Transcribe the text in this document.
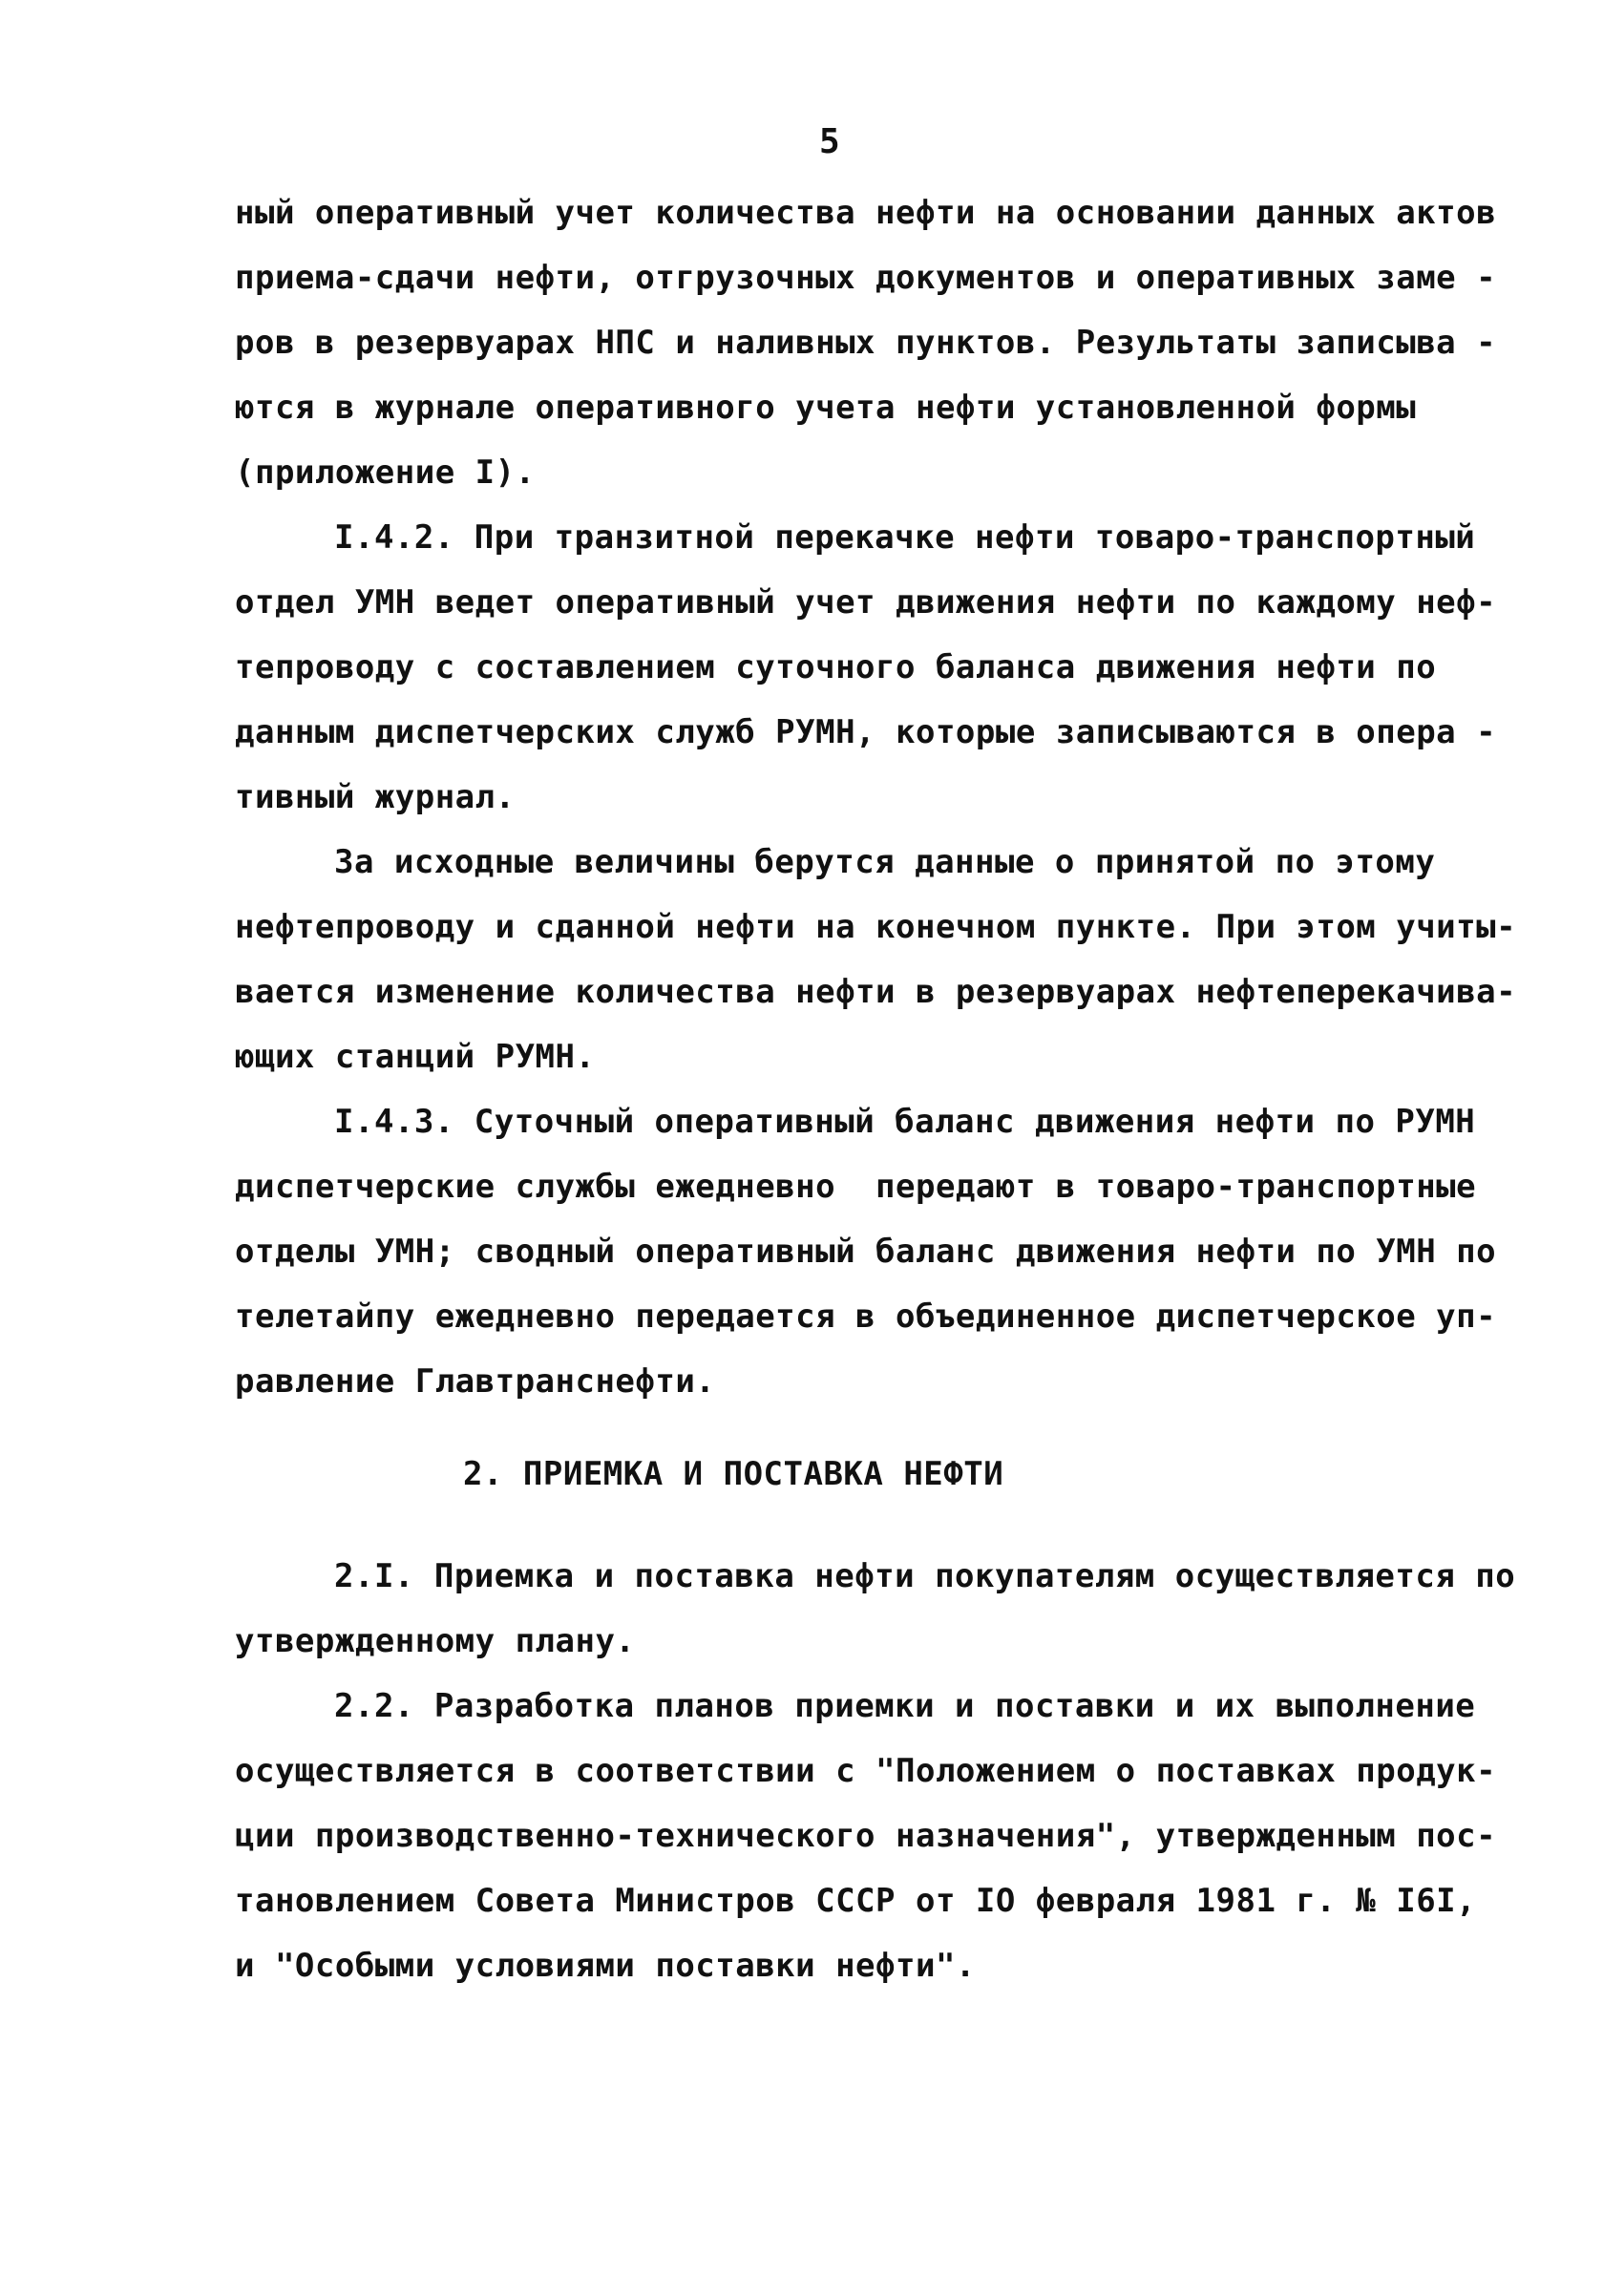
5
ный оперативный учет количества нефти на основании данных актов
приема-сдачи нефти, отгрузочных документов и оперативных заме -
ров в резервуарах НПС и наливных пунктов. Результаты записыва -
ются в журнале оперативного учета нефти установленной формы
(приложение I).
I.4.2. При транзитной перекачке нефти товаро-транспортный
отдел УМН ведет оперативный учет движения нефти по каждому неф-
тепроводу с составлением суточного баланса движения нефти по
данным диспетчерских служб РУМН, которые записываются в опера -
тивный журнал.
За исходные величины берутся данные о принятой по этому
нефтепроводу и сданной нефти на конечном пункте. При этом учиты-
вается изменение количества нефти в резервуарах нефтеперекачива-
ющих станций РУМН.
I.4.3. Суточный оперативный баланс движения нефти по РУМН
диспетчерские службы ежедневно  передают в товаро-транспортные
отделы УМН; сводный оперативный баланс движения нефти по УМН по
телетайпу ежедневно передается в объединенное диспетчерское уп-
равление Главтранснефти.
2. ПРИЕМКА И ПОСТАВКА НЕФТИ
2.I. Приемка и поставка нефти покупателям осуществляется по
утвержденному плану.
2.2. Разработка планов приемки и поставки и их выполнение
осуществляется в соответствии с "Положением о поставках продук-
ции производственно-технического назначения", утвержденным пос-
тановлением Совета Министров СССР от IО февраля 1981 г. № I6I,
и "Особыми условиями поставки нефти".
